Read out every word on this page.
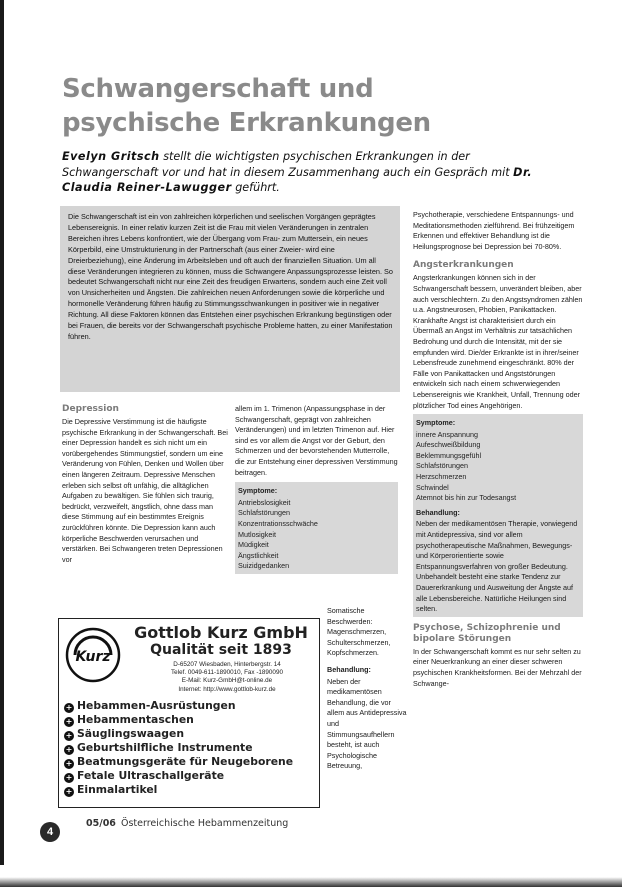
Schwangerschaft und
psychische Erkrankungen

Evelyn Gritsch stellt die wichtigsten psychischen Erkrankungen in der Schwangerschaft vor und hat in diesem Zusammenhang auch ein Gespräch mit Dr. Claudia Reiner-Lawugger geführt.

Die Schwangerschaft ist ein von zahlreichen körperlichen und seelischen Vorgängen geprägtes Lebensereignis. In einer relativ kurzen Zeit ist die Frau mit vielen Veränderungen in zentralen Bereichen ihres Lebens konfrontiert, wie der Übergang vom Frau- zum Muttersein, ein neues Körperbild, eine Umstrukturierung in der Partnerschaft (aus einer Zweier- wird eine Dreierbeziehung), eine Änderung im Arbeitsleben und oft auch der finanziellen Situation. Um all diese Veränderungen integrieren zu können, muss die Schwangere Anpassungsprozesse leisten. So bedeutet Schwangerschaft nicht nur eine Zeit des freudigen Erwartens, sondern auch eine Zeit voll von Unsicherheiten und Ängsten. Die zahlreichen neuen Anforderungen sowie die körperliche und hormonelle Veränderung führen häufig zu Stimmungsschwankungen in positiver wie in negativer Richtung. All diese Faktoren können das Entstehen einer psychischen Erkrankung begünstigen oder bei Frauen, die bereits vor der Schwangerschaft psychische Probleme hatten, zu einer Manifestation führen.

Depression

Die Depressive Verstimmung ist die häufigste psychische Erkrankung in der Schwangerschaft. Bei einer Depression handelt es sich nicht um ein vorübergehendes Stimmungstief, sondern um eine Veränderung von Fühlen, Denken und Wollen über einen längeren Zeitraum. Depressive Menschen erleben sich selbst oft unfähig, die alltäglichen Aufgaben zu bewältigen. Sie fühlen sich traurig, bedrückt, verzweifelt, ängstlich, ohne dass man diese Stimmung auf ein bestimmtes Ereignis zurückführen könnte. Die Depression kann auch körperliche Beschwerden verursachen und verstärken. Bei Schwangeren treten Depressionen vor

allem im 1. Trimenon (Anpassungsphase in der Schwangerschaft, geprägt von zahlreichen Veränderungen) und im letzten Trimenon auf. Hier sind es vor allem die Angst vor der Geburt, den Schmerzen und der bevorstehenden Mutterrolle, die zur Entstehung einer depressiven Verstimmung beitragen.

Symptome:

Antriebslosigkeit
Schlafstörungen
Konzentrationsschwäche
Mutlosigkeit
Müdigkeit
Ängstlichkeit
Suizidgedanken

Somatische Beschwerden: Magenschmerzen, Schulterschmerzen, Kopfschmerzen.

Behandlung:

Neben der medikamentösen Behandlung, die vor allem aus Antidepressiva und Stimmungsaufhellern besteht, ist auch Psychologische Betreuung,

Psychotherapie, verschiedene Entspannungs- und Meditationsmethoden zielführend. Bei frühzeitigem Erkennen und effektiver Behandlung ist die Heilungsprognose bei Depression bei 70-80%.

Angsterkrankungen

Angsterkrankungen können sich in der Schwangerschaft bessern, unverändert bleiben, aber auch verschlechtern. Zu den Angstsyndromen zählen u.a. Angstneurosen, Phobien, Panikattacken. Krankhafte Angst ist charakterisiert durch ein Übermaß an Angst im Verhältnis zur tatsächlichen Bedrohung und durch die Intensität, mit der sie empfunden wird. Die/der Erkrankte ist in ihrer/seiner Lebensfreude zunehmend eingeschränkt. 80% der Fälle von Panikattacken und Angststörungen entwickeln sich nach einem schwerwiegenden Lebensereignis wie Krankheit, Unfall, Trennung oder plötzlicher Tod eines Angehörigen.

Symptome:

innere Anspannung
Aufeschweißbildung
Beklemmungsgefühl
Schlafstörungen
Herzschmerzen
Schwindel
Atemnot bis hin zur Todesangst

Behandlung:

Neben der medikamentösen Therapie, vorwiegend mit Antidepressiva, sind vor allem psychotherapeutische Maßnahmen, Bewegungs- und Körperorientierte sowie Entspannungsverfahren von großer Bedeutung. Unbehandelt besteht eine starke Tendenz zur Dauererkrankung und Ausweitung der Ängste auf alle Lebensbereiche. Natürliche Heilungen sind selten.

Psychose, Schizophrenie und bipolare Störungen

In der Schwangerschaft kommt es nur sehr selten zu einer Neuerkrankung an einer dieser schweren psychischen Krankheitsformen. Bei der Mehrzahl der Schwange-

Kurz

Gottlob Kurz GmbH

Qualität seit 1893

D-65207 Wiesbaden, Hinterbergstr. 14
Telef. 0049-611-1890010, Fax -1890090
E-Mail: Kurz-GmbH@t-online.de
Internet: http://www.gottlob-kurz.de

+ Hebammen-Ausrüstungen
+ Hebammentaschen
+ Säuglingswaagen
+ Geburtshilfliche Instrumente
+ Beatmungsgeräte für Neugeborene
+ Fetale Ultraschallgeräte
+ Einmalartikel
4
05/06 Österreichische Hebammenzeitung
